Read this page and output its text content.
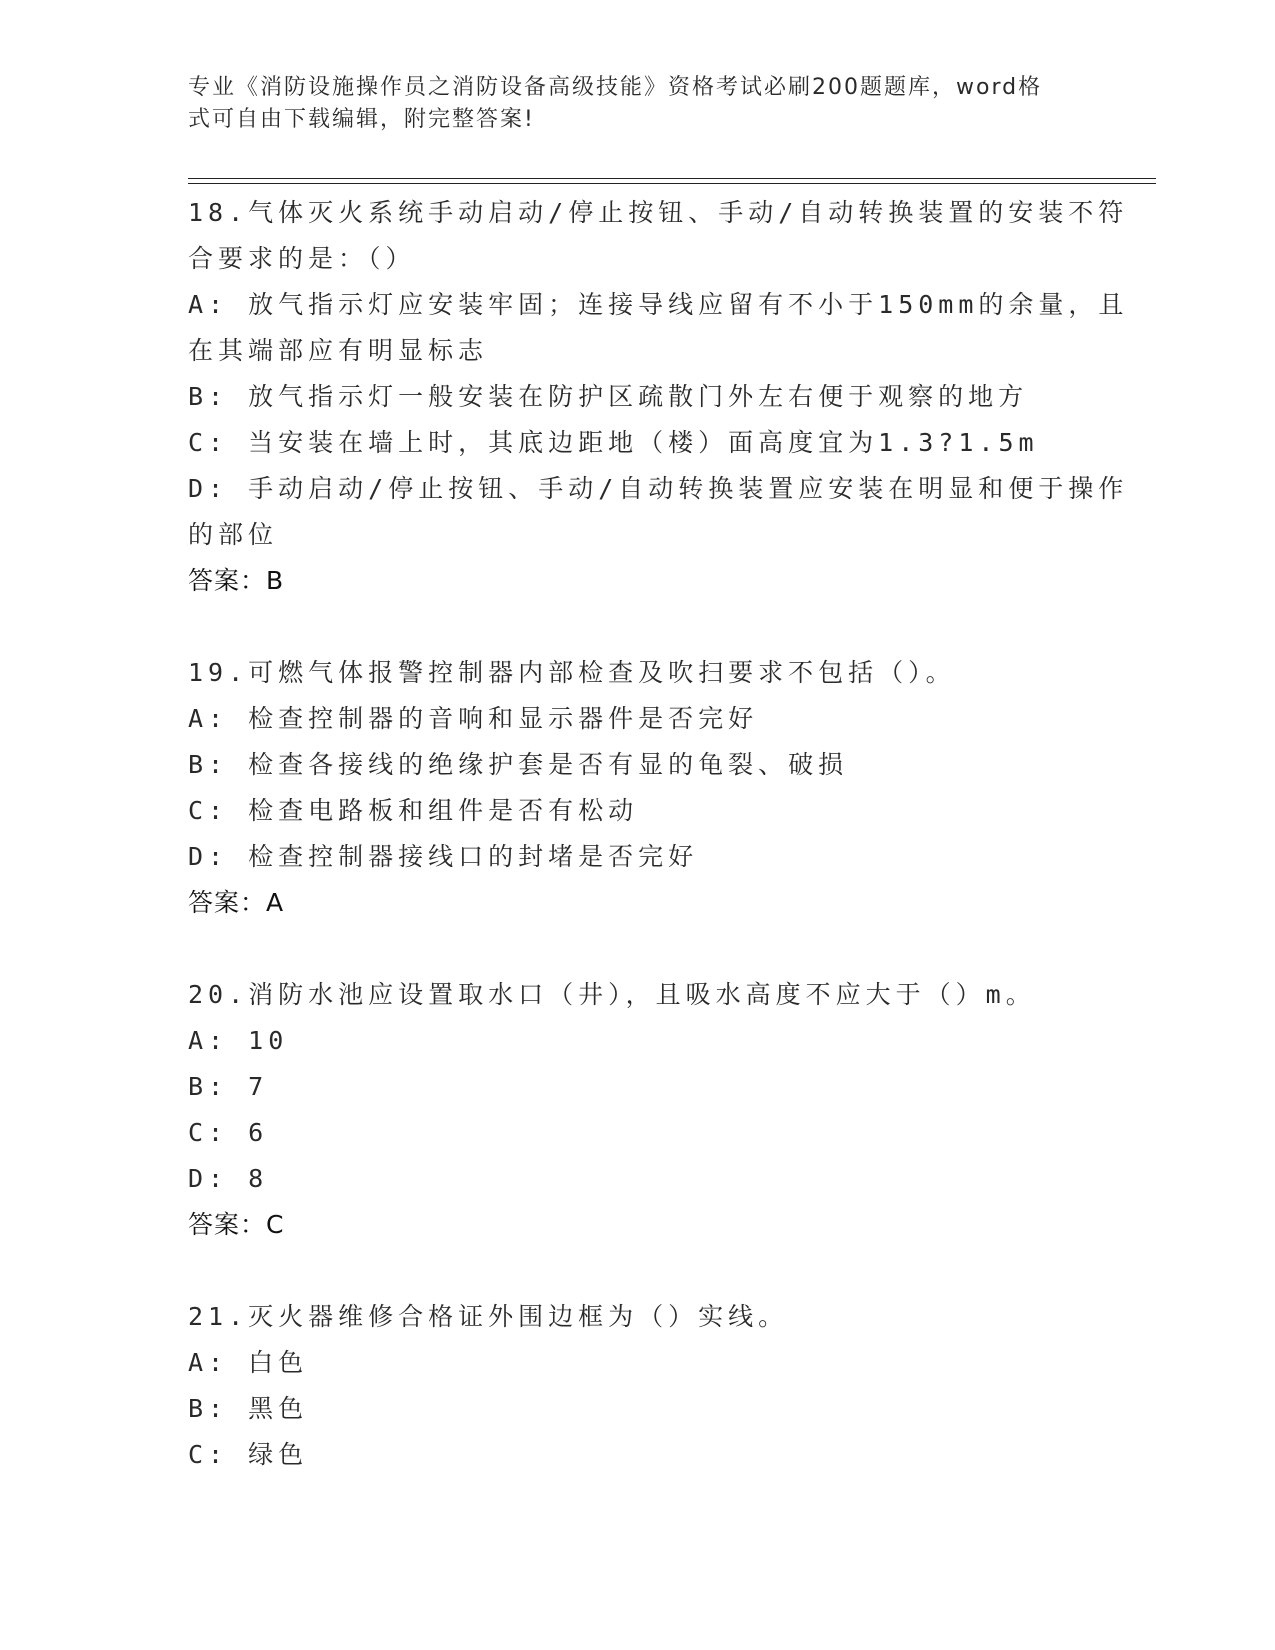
专业《消防设施操作员之消防设备高级技能》资格考试必刷200题题库，word格
式可自由下载编辑，附完整答案!
18.气体灭火系统手动启动/停止按钮、手动/自动转换装置的安装不符
合要求的是：（）
A: 放气指示灯应安装牢固；连接导线应留有不小于150mm的余量，且
在其端部应有明显标志
B: 放气指示灯一般安装在防护区疏散门外左右便于观察的地方
C: 当安装在墙上时，其底边距地（楼）面高度宜为1.3?1.5m
D: 手动启动/停止按钮、手动/自动转换装置应安装在明显和便于操作
的部位
答案：B
19.可燃气体报警控制器内部检查及吹扫要求不包括（）。
A: 检查控制器的音响和显示器件是否完好
B: 检查各接线的绝缘护套是否有显的龟裂、破损
C: 检查电路板和组件是否有松动
D: 检查控制器接线口的封堵是否完好
答案：A
20.消防水池应设置取水口（井），且吸水高度不应大于（）m。
A: 10
B: 7
C: 6
D: 8
答案：C
21.灭火器维修合格证外围边框为（）实线。
A: 白色
B: 黑色
C: 绿色
